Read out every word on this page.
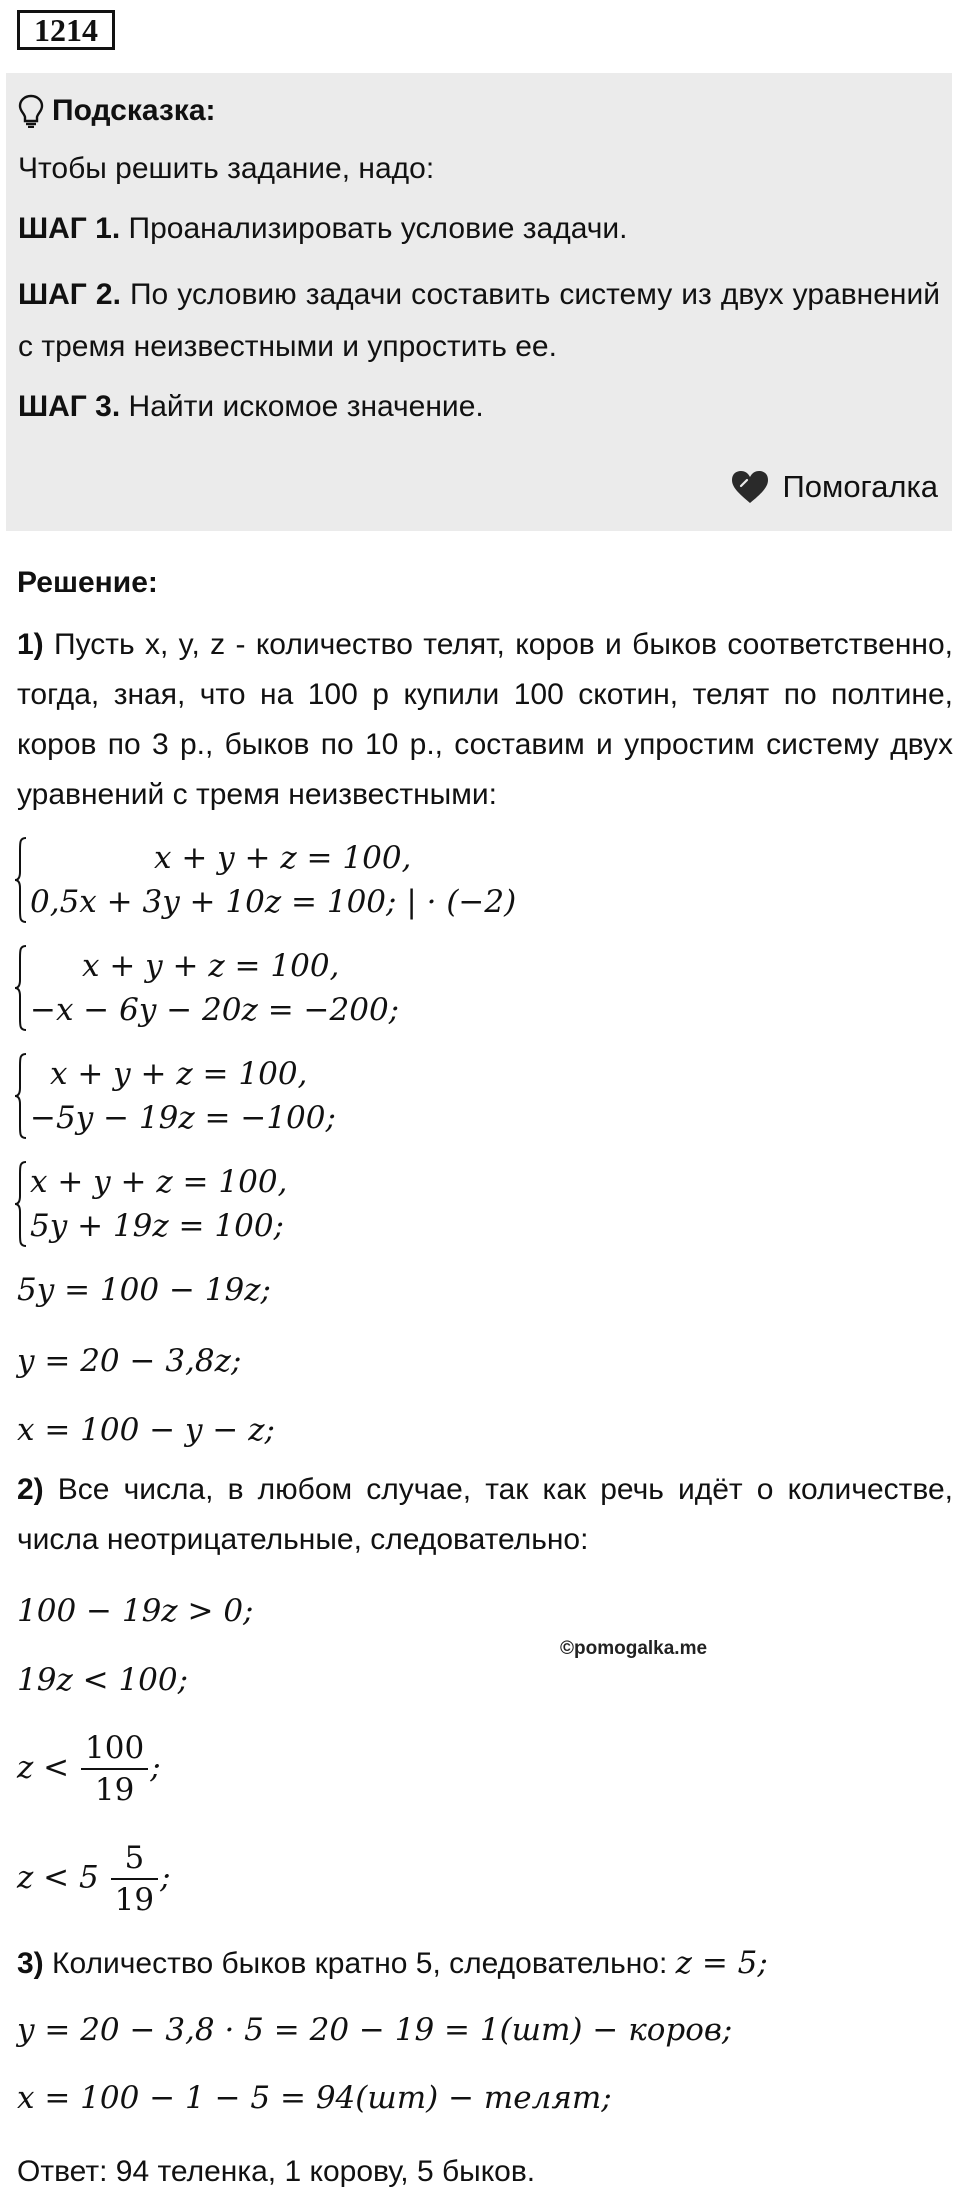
1214
Подсказка:

Чтобы решить задание, надо:

ШАГ 1. Проанализировать условие задачи.

ШАГ 2. По условию задачи составить систему из двух уравнений с тремя неизвестными и упростить ее.

ШАГ 3. Найти искомое значение.

Помогалка

Решение:

1) Пусть x, y, z - количество телят, коров и быков соответственно, тогда, зная, что на 100 р купили 100 скотин, телят по полтине, коров по 3 р., быков по 10 р., составим и упростим систему двух уравнений с тремя неизвестными:

x + y + z = 100,
0,5x + 3y + 10z = 100; | · (−2)
x + y + z = 100,
−x − 6y − 20z = −200;
x + y + z = 100,
−5y − 19z = −100;
x + y + z = 100,
5y + 19z = 100;
5y = 100 − 19z;
y = 20 − 3,8z;
x = 100 − y − z;

2) Все числа, в любом случае, так как речь идёт о количестве, числа неотрицательные, следовательно:

100 − 19z > 0;
©pomogalka.me
19z < 100;
$z < \frac{100}{19}$ ;
$z < 5 \frac{5}{19}$ ;

3) Количество быков кратно 5, следовательно: z = 5;

y = 20 − 3,8 · 5 = 20 − 19 = 1(шт) − коров;
x = 100 − 1 − 5 = 94(шт) − телят;

Ответ: 94 теленка, 1 корову, 5 быков.
